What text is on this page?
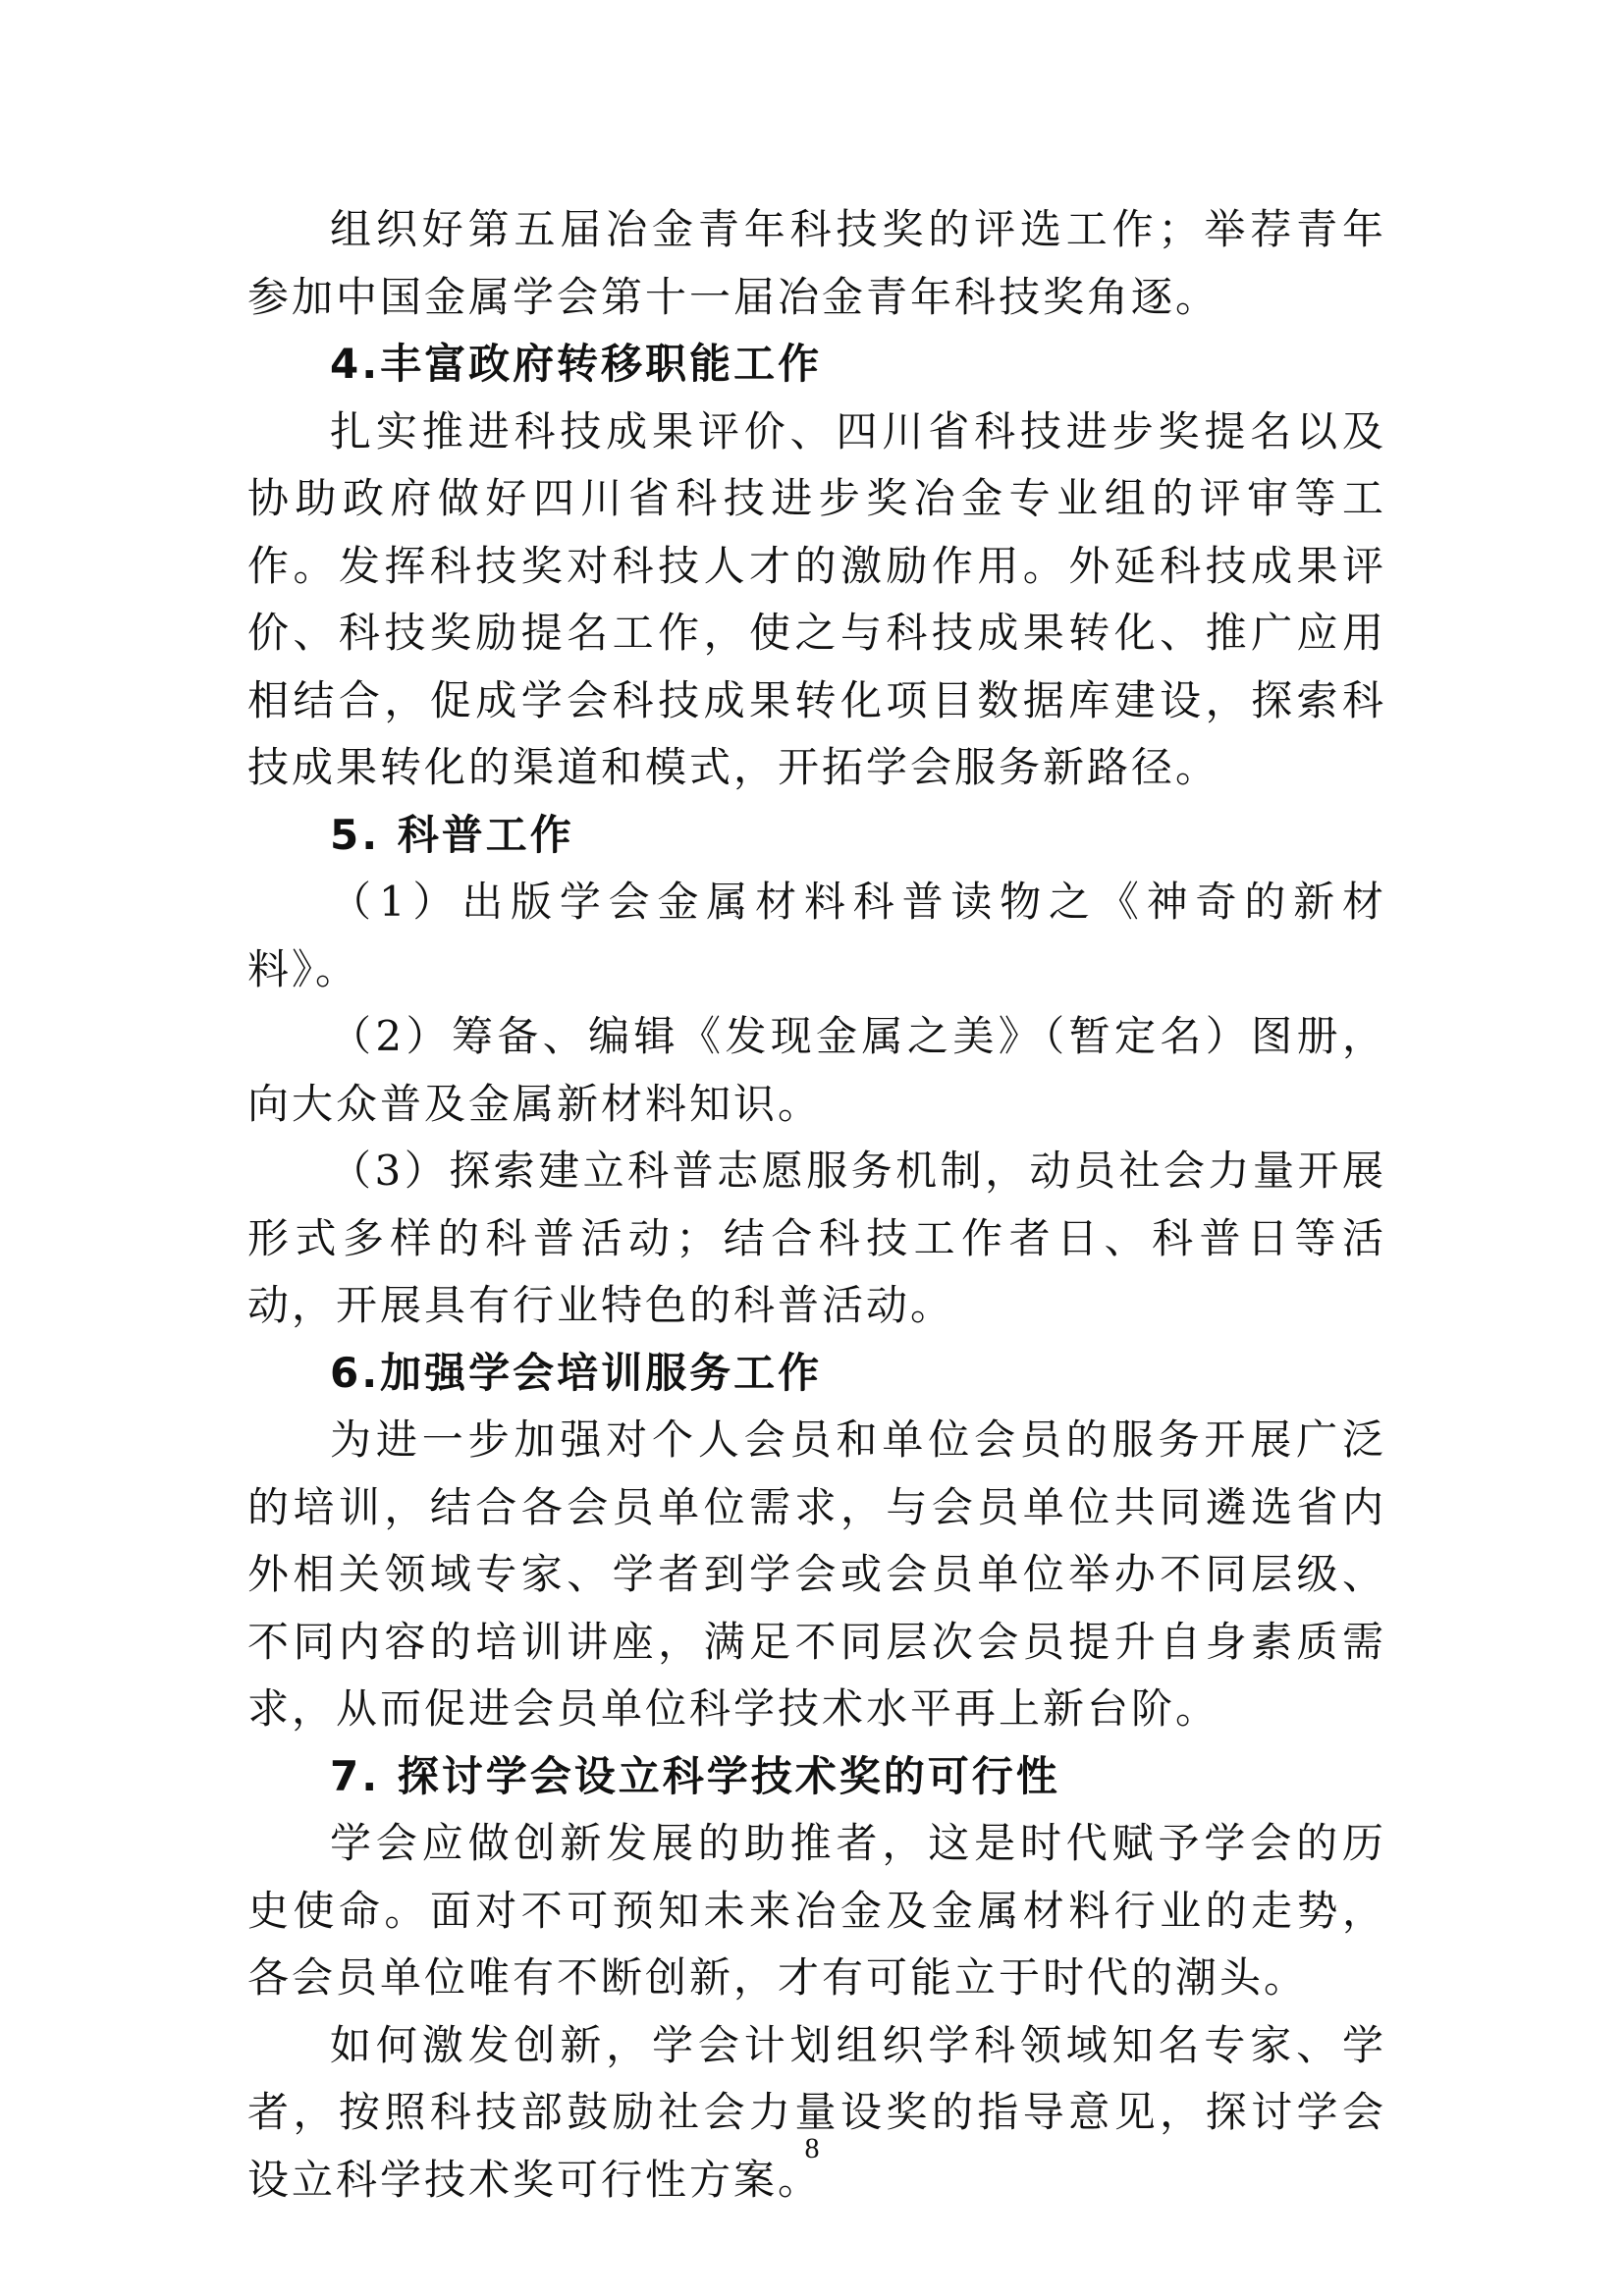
组织好第五届冶金青年科技奖的评选工作；举荐青年参加中国金属学会第十一届冶金青年科技奖角逐。

4.丰富政府转移职能工作

扎实推进科技成果评价、四川省科技进步奖提名以及协助政府做好四川省科技进步奖冶金专业组的评审等工作。发挥科技奖对科技人才的激励作用。外延科技成果评价、科技奖励提名工作，使之与科技成果转化、推广应用相结合，促成学会科技成果转化项目数据库建设，探索科技成果转化的渠道和模式，开拓学会服务新路径。

5. 科普工作

（1）出版学会金属材料科普读物之《神奇的新材料》。

（2）筹备、编辑《发现金属之美》（暂定名）图册，向大众普及金属新材料知识。

（3）探索建立科普志愿服务机制，动员社会力量开展形式多样的科普活动；结合科技工作者日、科普日等活动，开展具有行业特色的科普活动。

6.加强学会培训服务工作

为进一步加强对个人会员和单位会员的服务开展广泛的培训，结合各会员单位需求，与会员单位共同遴选省内外相关领域专家、学者到学会或会员单位举办不同层级、不同内容的培训讲座，满足不同层次会员提升自身素质需求，从而促进会员单位科学技术水平再上新台阶。

7. 探讨学会设立科学技术奖的可行性

学会应做创新发展的助推者，这是时代赋予学会的历史使命。面对不可预知未来冶金及金属材料行业的走势，各会员单位唯有不断创新，才有可能立于时代的潮头。

如何激发创新，学会计划组织学科领域知名专家、学者，按照科技部鼓励社会力量设奖的指导意见，探讨学会设立科学技术奖可行性方案。

8
